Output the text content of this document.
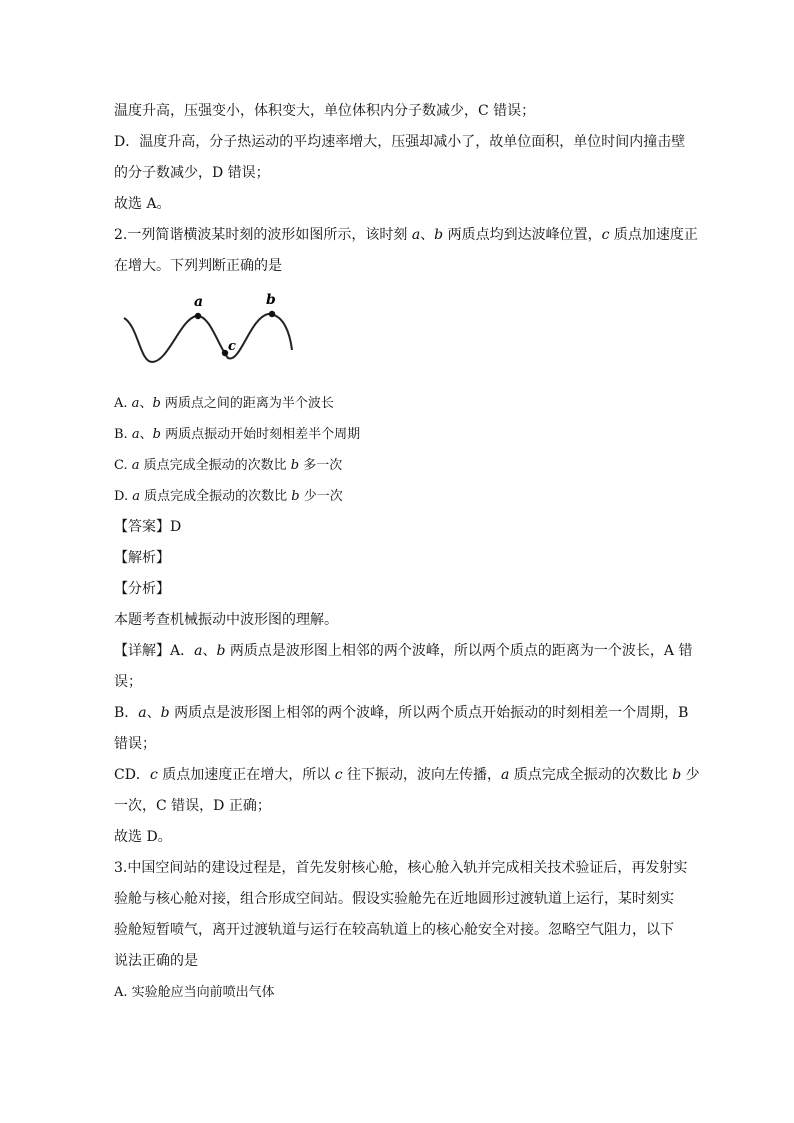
温度升高，压强变小，体积变大，单位体积内分子数减少，C 错误；

D．温度升高，分子热运动的平均速率增大，压强却减小了，故单位面积，单位时间内撞击壁

的分子数减少，D 错误；

故选 A。

2.一列简谐横波某时刻的波形如图所示，该时刻 a、b 两质点均到达波峰位置，c 质点加速度正

在增大。下列判断正确的是

a	b
c

A. a、b 两质点之间的距离为半个波长

B. a、b 两质点振动开始时刻相差半个周期

C. a 质点完成全振动的次数比 b 多一次

D. a 质点完成全振动的次数比 b 少一次

【答案】D

【解析】

【分析】

本题考查机械振动中波形图的理解。

【详解】A．a、b 两质点是波形图上相邻的两个波峰，所以两个质点的距离为一个波长，A 错

误；

B．a、b 两质点是波形图上相邻的两个波峰，所以两个质点开始振动的时刻相差一个周期，B

错误；

CD．c 质点加速度正在增大，所以 c 往下振动，波向左传播，a 质点完成全振动的次数比 b 少

一次，C 错误，D 正确；

故选 D。

3.中国空间站的建设过程是，首先发射核心舱，核心舱入轨并完成相关技术验证后，再发射实

验舱与核心舱对接，组合形成空间站。假设实验舱先在近地圆形过渡轨道上运行，某时刻实

验舱短暂喷气，离开过渡轨道与运行在较高轨道上的核心舱安全对接。忽略空气阻力，以下

说法正确的是

A. 实验舱应当向前喷出气体
